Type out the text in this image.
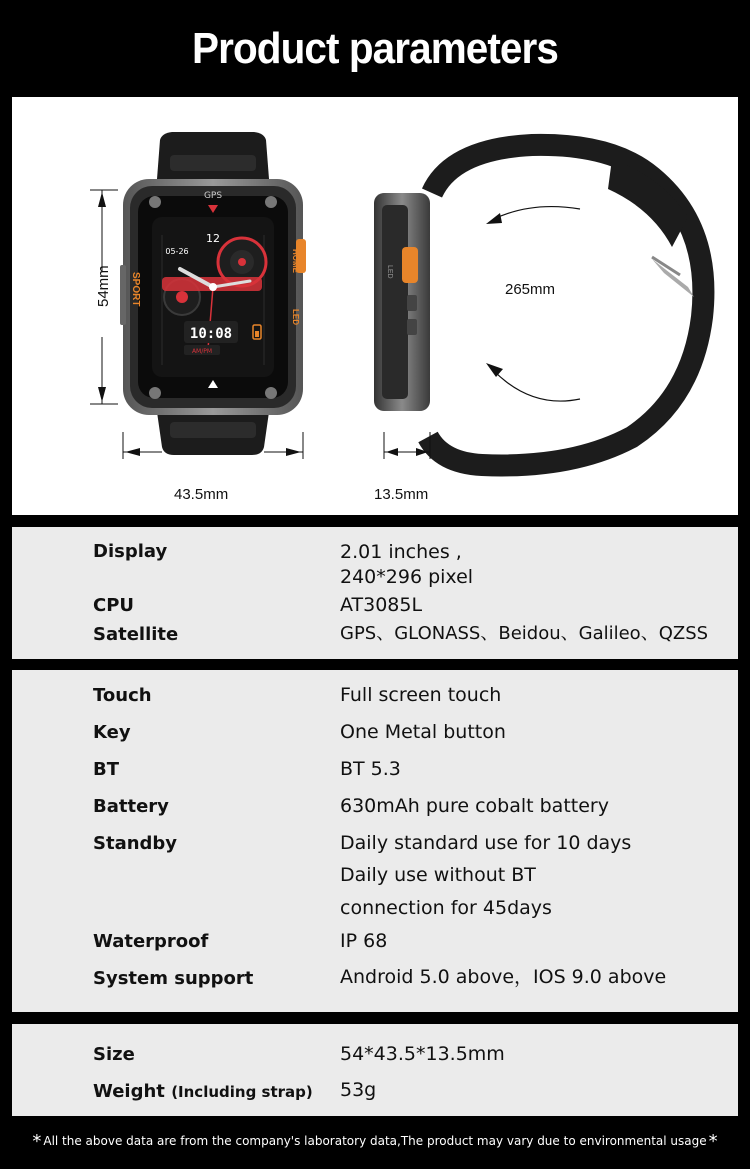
Product parameters
GPS
12
05-26
10:08
AM/PM
SPORT
HOME
LED
54mm	LED
265mm
43.5mm	13.5mm
Display	2.01 inches ,
240*296 pixel
CPU	AT3085L
Satellite	GPS、GLONASS、Beidou、Galileo、QZSS
Touch	Full screen touch
Key	One Metal button
BT	BT 5.3
Battery	630mAh pure cobalt battery
Standby	Daily standard use for 10 days
Daily use without BT
connection for 45days
Waterproof	IP 68
System support	Android 5.0 above，IOS 9.0 above
Size	54*43.5*13.5mm
Weight (Including strap) 53g
* All the above data are from the company's laboratory data,The product may vary due to environmental usage *
